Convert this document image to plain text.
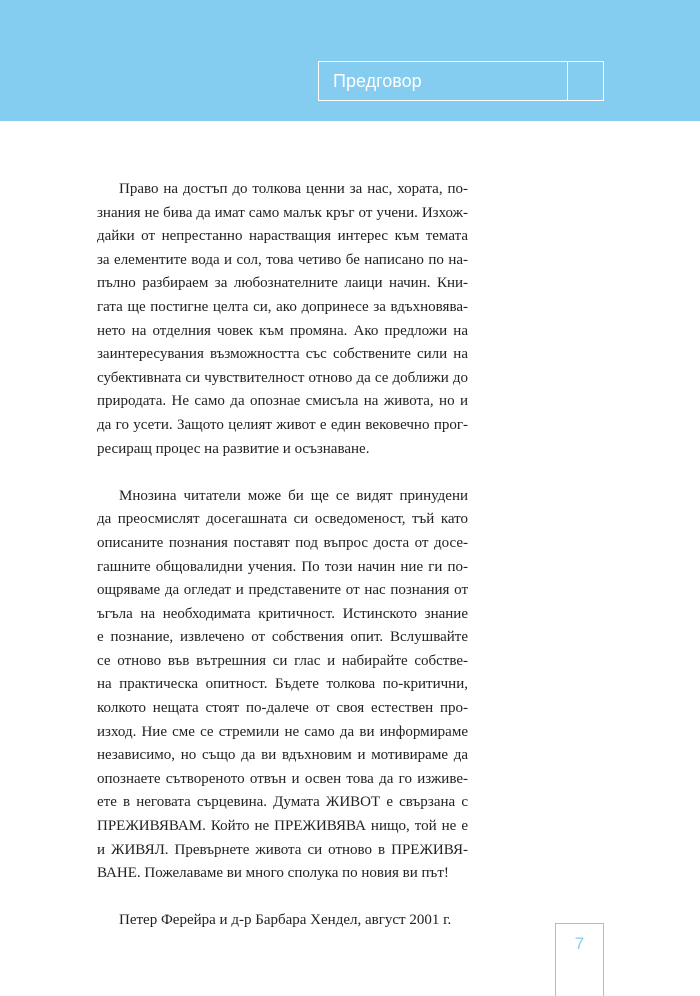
Предговор
Право на достъп до толкова ценни за нас, хората, по-
знания не бива да имат само малък кръг от учени. Изхож-
дайки от непрестанно нарастващия интерес към темата
за елементите вода и сол, това четиво бе написано по на-
пълно разбираем за любознателните лаици начин. Кни-
гата ще постигне целта си, ако допринесе за вдъхновява-
нето на отделния човек към промяна. Ако предложи на
заинтересувания възможността със собствените сили на
субективната си чувствителност отново да се доближи до
природата. Не само да опознае смисъла на живота, но и
да го усети. Защото целият живот е един вековечно прог-
ресиращ процес на развитие и осъзнаване.
Мнозина читатели може би ще се видят принудени
да преосмислят досегашната си осведоменост, тъй като
описаните познания поставят под въпрос доста от досе-
гашните общовалидни учения. По този начин ние ги по-
ощряваме да огледат и представените от нас познания от
ъгъла на необходимата критичност. Истинското знание
е познание, извлечено от собствения опит. Вслушвайте
се отново във вътрешния си глас и набирайте собстве-
на практическа опитност. Бъдете толкова по-критични,
колкото нещата стоят по-далече от своя естествен про-
изход. Ние сме се стремили не само да ви информираме
независимо, но също да ви вдъхновим и мотивираме да
опознаете сътвореното отвън и освен това да го изживе-
ете в неговата сърцевина. Думата ЖИВОТ е свързана с
ПРЕЖИВЯВАМ. Който не ПРЕЖИВЯВА нищо, той не е
и ЖИВЯЛ. Превърнете живота си отново в ПРЕЖИВЯ-
ВАНЕ. Пожелаваме ви много сполука по новия ви път!

Петер Ферейра и д-р Барбара Хендел, август 2001 г.

7
